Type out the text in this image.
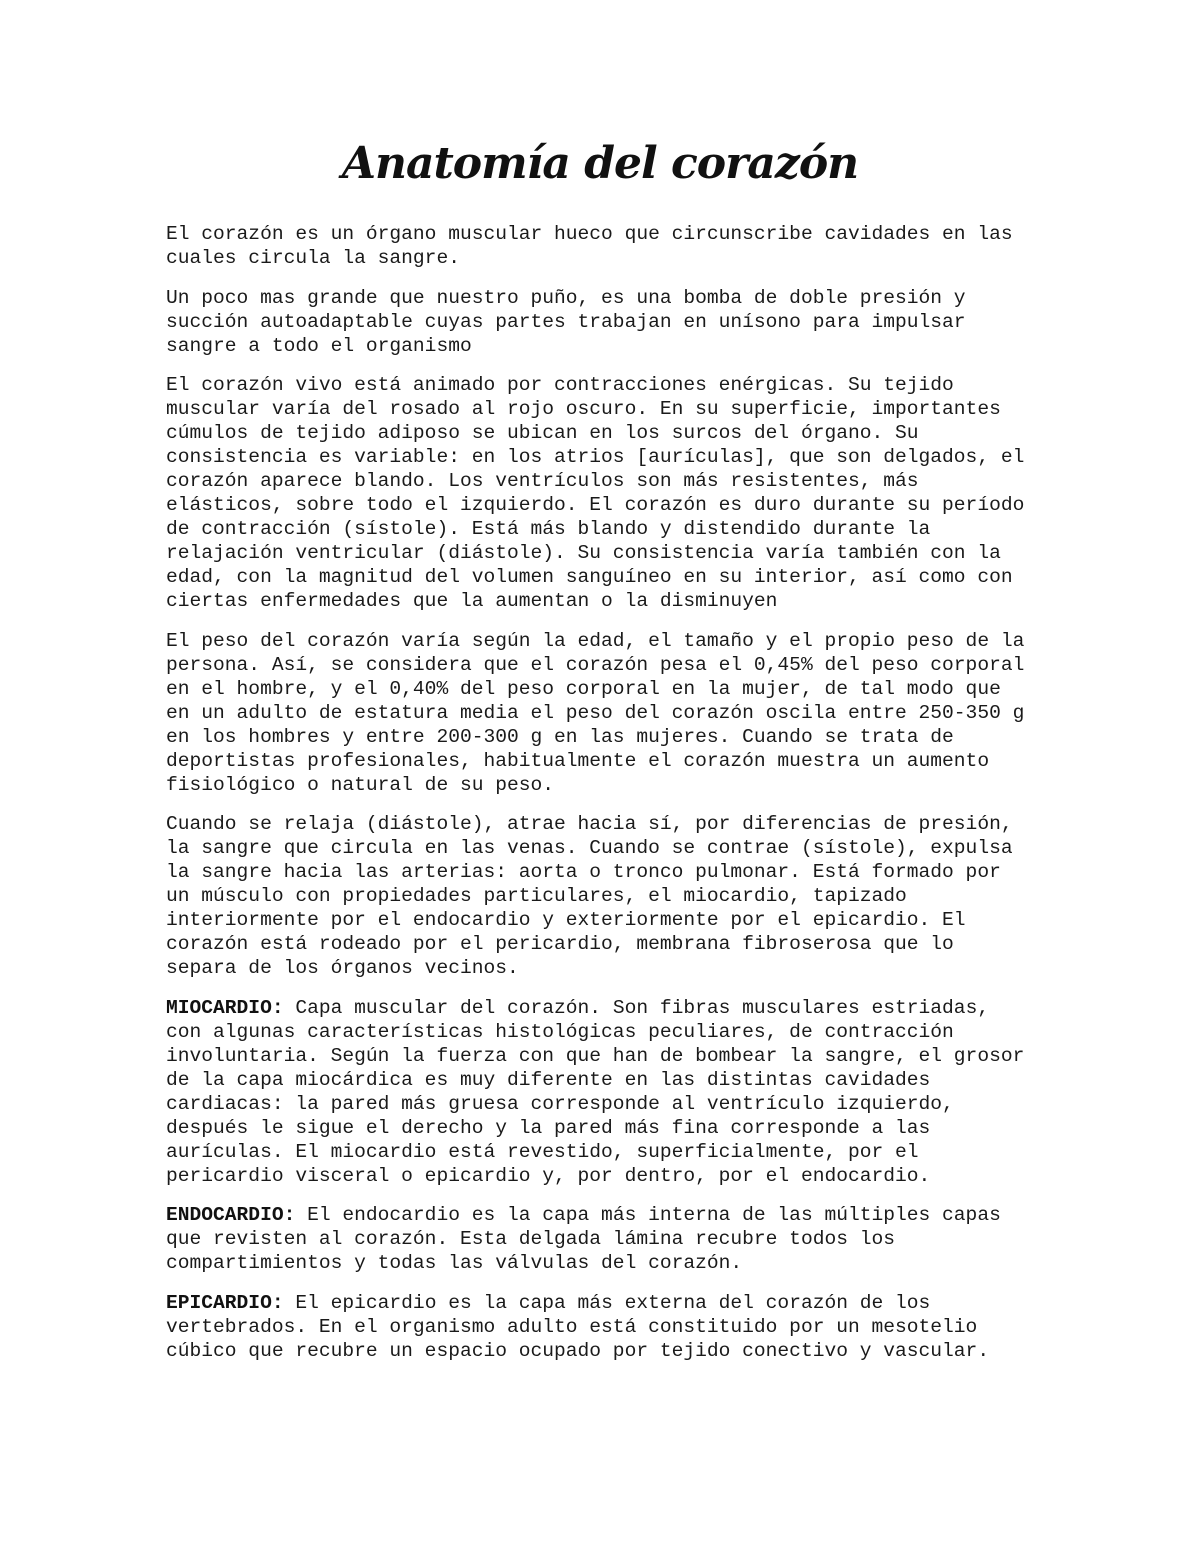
Anatomía del corazón

El corazón es un órgano muscular hueco que circunscribe cavidades en las
cuales circula la sangre.

Un poco mas grande que nuestro puño, es una bomba de doble presión y
succión autoadaptable cuyas partes trabajan en unísono para impulsar
sangre a todo el organismo

El corazón vivo está animado por contracciones enérgicas. Su tejido
muscular varía del rosado al rojo oscuro. En su superficie, importantes
cúmulos de tejido adiposo se ubican en los surcos del órgano. Su
consistencia es variable: en los atrios [aurículas], que son delgados, el
corazón aparece blando. Los ventrículos son más resistentes, más
elásticos, sobre todo el izquierdo. El corazón es duro durante su período
de contracción (sístole). Está más blando y distendido durante la
relajación ventricular (diástole). Su consistencia varía también con la
edad, con la magnitud del volumen sanguíneo en su interior, así como con
ciertas enfermedades que la aumentan o la disminuyen

El peso del corazón varía según la edad, el tamaño y el propio peso de la
persona. Así, se considera que el corazón pesa el 0,45% del peso corporal
en el hombre, y el 0,40% del peso corporal en la mujer, de tal modo que
en un adulto de estatura media el peso del corazón oscila entre 250-350 g
en los hombres y entre 200-300 g en las mujeres. Cuando se trata de
deportistas profesionales, habitualmente el corazón muestra un aumento
fisiológico o natural de su peso.

Cuando se relaja (diástole), atrae hacia sí, por diferencias de presión,
la sangre que circula en las venas. Cuando se contrae (sístole), expulsa
la sangre hacia las arterias: aorta o tronco pulmonar. Está formado por
un músculo con propiedades particulares, el miocardio, tapizado
interiormente por el endocardio y exteriormente por el epicardio. El
corazón está rodeado por el pericardio, membrana fibroserosa que lo
separa de los órganos vecinos.

MIOCARDIO: Capa muscular del corazón. Son fibras musculares estriadas,
con algunas características histológicas peculiares, de contracción
involuntaria. Según la fuerza con que han de bombear la sangre, el grosor
de la capa miocárdica es muy diferente en las distintas cavidades
cardiacas: la pared más gruesa corresponde al ventrículo izquierdo,
después le sigue el derecho y la pared más fina corresponde a las
aurículas. El miocardio está revestido, superficialmente, por el
pericardio visceral o epicardio y, por dentro, por el endocardio.

ENDOCARDIO: El endocardio es la capa más interna de las múltiples capas
que revisten al corazón. Esta delgada lámina recubre todos los
compartimientos y todas las válvulas del corazón.

EPICARDIO: El epicardio es la capa más externa del corazón de los
vertebrados. En el organismo adulto está constituido por un mesotelio
cúbico que recubre un espacio ocupado por tejido conectivo y vascular.
